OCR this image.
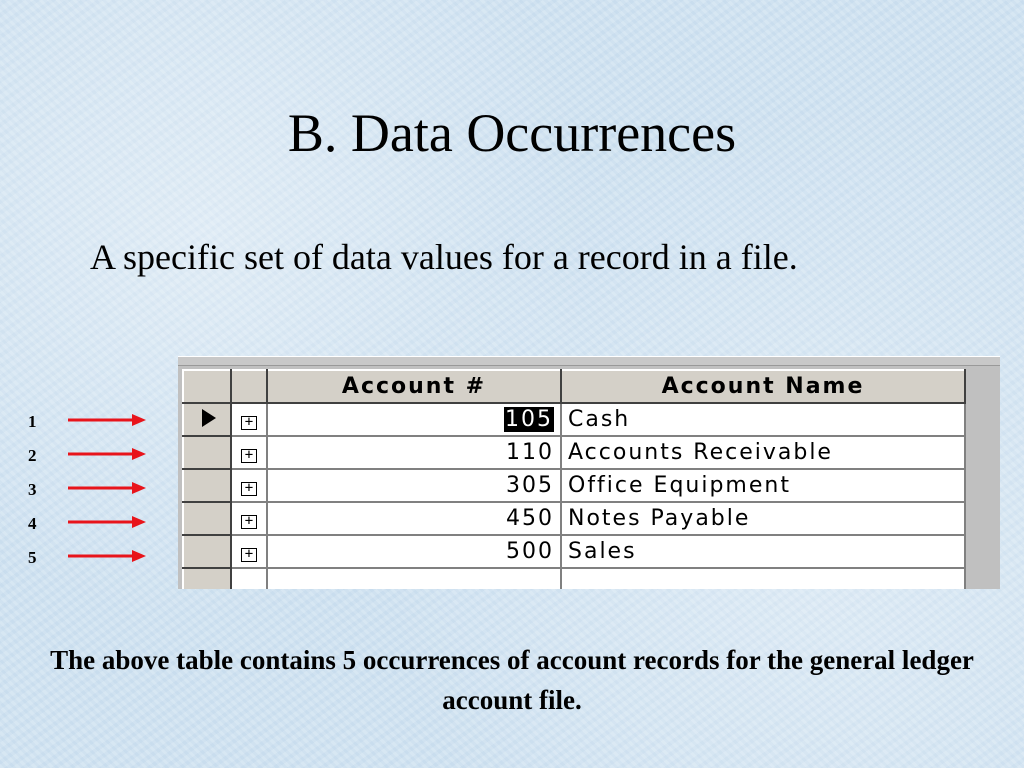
B. Data Occurrences
A specific set of data values for a record in a file.
1
2
3
4
5
		Account #	Account Name
	+	105	Cash
	+	110	Accounts Receivable
	+	305	Office Equipment
	+	450	Notes Payable
	+	500	Sales

The above table contains 5 occurrences of account records for the general ledger account file.
